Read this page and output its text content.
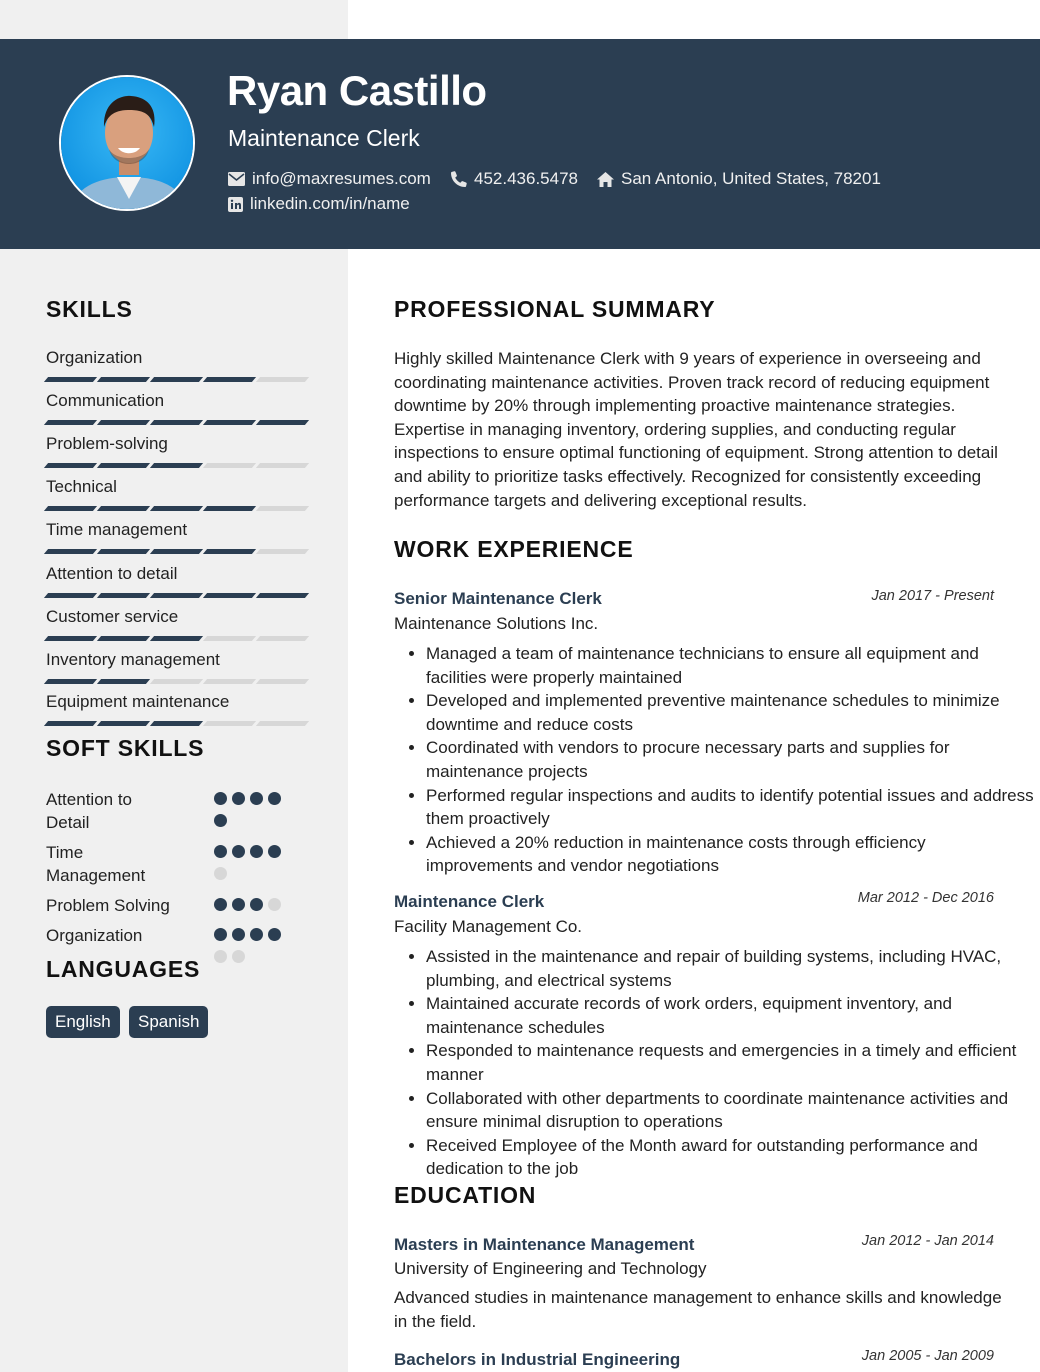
Ryan Castillo
Maintenance Clerk
info@maxresumes.com	452.436.5478	San Antonio, United States, 78201
linkedin.com/in/name
SKILLS
Organization
Communication
Problem-solving
Technical
Time management
Attention to detail
Customer service
Inventory management
Equipment maintenance
SOFT SKILLS
Attention to
Detail
Time
Management
Problem Solving
Organization
LANGUAGES
English	Spanish
PROFESSIONAL SUMMARY

Highly skilled Maintenance Clerk with 9 years of experience in overseeing and coordinating maintenance activities. Proven track record of reducing equipment downtime by 20% through implementing proactive maintenance strategies. Expertise in managing inventory, ordering supplies, and conducting regular inspections to ensure optimal functioning of equipment. Strong attention to detail and ability to prioritize tasks effectively. Recognized for consistently exceeding performance targets and delivering exceptional results.

WORK EXPERIENCE
Senior Maintenance Clerk	Jan 2017 - Present
Maintenance Solutions Inc.
• Managed a team of maintenance technicians to ensure all equipment and facilities were properly maintained
• Developed and implemented preventive maintenance schedules to minimize downtime and reduce costs
• Coordinated with vendors to procure necessary parts and supplies for maintenance projects
• Performed regular inspections and audits to identify potential issues and address them proactively
• Achieved a 20% reduction in maintenance costs through efficiency improvements and vendor negotiations
Maintenance Clerk	Mar 2012 - Dec 2016
Facility Management Co.
• Assisted in the maintenance and repair of building systems, including HVAC, plumbing, and electrical systems
• Maintained accurate records of work orders, equipment inventory, and maintenance schedules
• Responded to maintenance requests and emergencies in a timely and efficient manner
• Collaborated with other departments to coordinate maintenance activities and ensure minimal disruption to operations
• Received Employee of the Month award for outstanding performance and dedication to the job
EDUCATION
Masters in Maintenance Management	Jan 2012 - Jan 2014
University of Engineering and Technology

Advanced studies in maintenance management to enhance skills and knowledge in the field.

Bachelors in Industrial Engineering	Jan 2005 - Jan 2009
